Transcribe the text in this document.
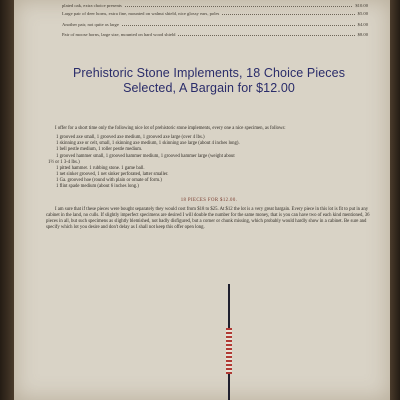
plated oak, extra choice presents	$10.00
Large pair of deer horns, extra fine, mounted on walnut shield, nice glossy ears, poles	$5.00
Another pair, not quite as large	$4.00
Pair of moose horns, large size, mounted on hard wood shield	$8.00
Prehistoric Stone Implements, 18 Choice Pieces
Selected, A Bargain for $12.00

I offer for a short time only the following nice lot of prehistoric stone implements, every one a nice specimen, as follows:

1 grooved axe small, 1 grooved axe medium, 1 grooved axe large (over 4 lbs.)

1 skinning axe or celt, small, 1 skinning axe medium, 1 skinning axe large (about 4 inches long).

1 bell pestle medium, 1 roller pestle medium.

1 grooved hammer small, 1 grooved hammer medium, 1 grooved hammer large (weight about

1½ or 1 3-4 lbs.)

1 pitted hammer. 1 rubbing stone. 1 game ball.

1 net sinker grooved, 1 net sinker perforated, latter smaller.

1 Ga. grooved hoe (round with plain or ornate of form.)

1 flint spade medium (about 6 inches long.)

18 PIECES FOR $12.00.

I am sure that if these pieces were bought separately they would cost from $18 to $25. At $12 the lot is a very great bargain. Every piece in this lot is fit to put in any cabinet in the land, no culls. If slightly imperfect specimens are desired I will double the number for the same money, that is you can have two of each kind mentioned, 36 pieces in all, but such specimens as slightly blemished, not badly disfigured, but a corner or chunk missing, which probably would hardly show in a cabinet. Be sure and specify which lot you desire and don't delay as I shall not keep this offer open long.
